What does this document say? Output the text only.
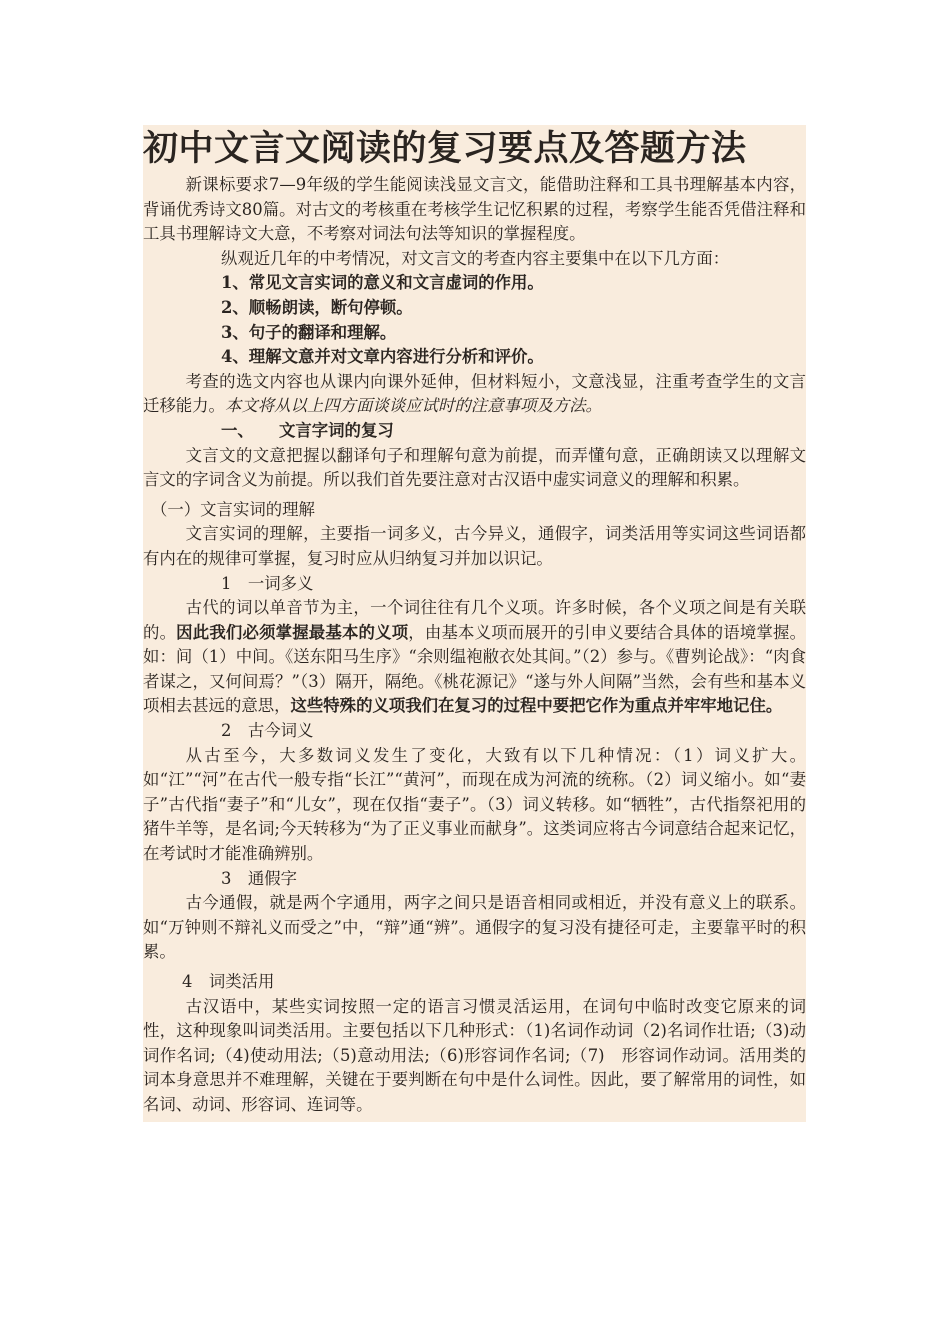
初中文言文阅读的复习要点及答题方法

新课标要求7—9年级的学生能阅读浅显文言文，能借助注释和工具书理解基本内容，背诵优秀诗文80篇。对古文的考核重在考核学生记忆积累的过程，考察学生能否凭借注释和工具书理解诗文大意，不考察对词法句法等知识的掌握程度。

纵观近几年的中考情况，对文言文的考查内容主要集中在以下几方面：

1、常见文言实词的意义和文言虚词的作用。

2、顺畅朗读，断句停顿。

3、句子的翻译和理解。

4、理解文意并对文章内容进行分析和评价。

考查的选文内容也从课内向课外延伸，但材料短小，文意浅显，注重考查学生的文言迁移能力。本文将从以上四方面谈谈应试时的注意事项及方法。

一、 文言字词的复习

文言文的文意把握以翻译句子和理解句意为前提，而弄懂句意，正确朗读又以理解文言文的字词含义为前提。所以我们首先要注意对古汉语中虚实词意义的理解和积累。

（一）文言实词的理解

文言实词的理解，主要指一词多义，古今异义，通假字，词类活用等实词这些词语都有内在的规律可掌握，复习时应从归纳复习并加以识记。

1　一词多义

古代的词以单音节为主，一个词往往有几个义项。许多时候，各个义项之间是有关联的。因此我们必须掌握最基本的义项，由基本义项而展开的引申义要结合具体的语境掌握。如：间（1）中间。《送东阳马生序》“余则缊袍敝衣处其间。”（2）参与。《曹刿论战》：“肉食者谋之，又何间焉？”（3）隔开，隔绝。《桃花源记》“遂与外人间隔”当然，会有些和基本义项相去甚远的意思，这些特殊的义项我们在复习的过程中要把它作为重点并牢牢地记住。

2　古今词义

从古至今，大多数词义发生了变化，大致有以下几种情况：（1）词义扩大。如“江”“河”在古代一般专指“长江”“黄河”，而现在成为河流的统称。（2）词义缩小。如“妻子”古代指“妻子”和“儿女”，现在仅指“妻子”。（3）词义转移。如“牺牲”，古代指祭祀用的猪牛羊等，是名词;今天转移为“为了正义事业而献身”。这类词应将古今词意结合起来记忆，在考试时才能准确辨别。

3　通假字

古今通假，就是两个字通用，两字之间只是语音相同或相近，并没有意义上的联系。如“万钟则不辩礼义而受之”中，“辩”通“辨”。通假字的复习没有捷径可走，主要靠平时的积累。

4　词类活用

古汉语中，某些实词按照一定的语言习惯灵活运用，在词句中临时改变它原来的词性，这种现象叫词类活用。主要包括以下几种形式：（1)名词作动词（2)名词作壮语;（3)动词作名词;（4)使动用法;（5)意动用法;（6)形容词作名词;（7)　形容词作动词。活用类的词本身意思并不难理解，关键在于要判断在句中是什么词性。因此，要了解常用的词性，如名词、动词、形容词、连词等。
